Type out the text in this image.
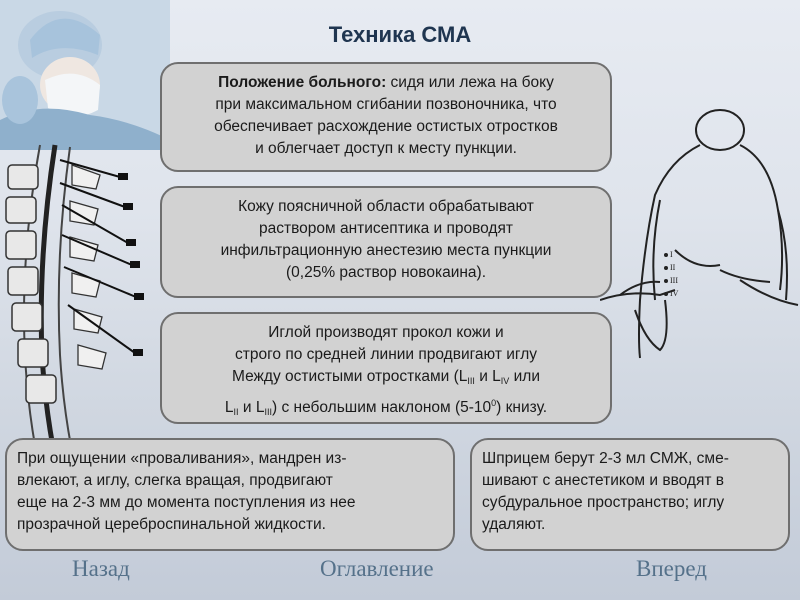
I
II
III
IV
Техника СМА
Положение больного: сидя или лежа на боку
при максимальном сгибании позвоночника, что
обеспечивает расхождение остистых отростков
и облегчает доступ к месту пункции.
Кожу поясничной области обрабатывают
раствором антисептика и проводят
инфильтрационную анестезию места пункции
(0,25% раствор новокаина).
Иглой производят прокол кожи и
строго по средней линии продвигают иглу
Между остистыми отростками ($L_{III}$ и $L_{IV}$ или
$L_{II}$ и $L_{III}$) с небольшим наклоном $(5-10^0)$ книзу.
При ощущении «проваливания», мандрен из-
влекают, а иглу, слегка вращая, продвигают
еще на 2-3 мм до момента поступления из нее
прозрачной цереброспинальной жидкости.
Шприцем берут 2-3 мл СМЖ, сме-
шивают с анестетиком и вводят в
субдуральное пространство; иглу
удаляют.
Назад	Оглавление	Вперед
